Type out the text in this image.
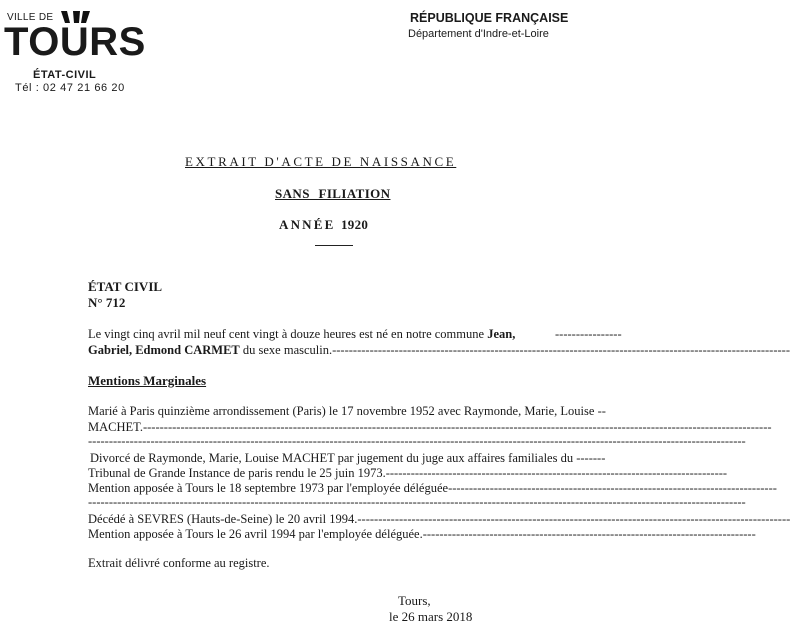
VILLE DE
TOURS
ÉTAT-CIVIL
Tél : 02 47 21 66 20
RÉPUBLIQUE FRANÇAISE
Département d'Indre-et-Loire
EXTRAIT D'ACTE DE NAISSANCE
SANS FILIATION
ANNÉE 1920
ÉTAT CIVIL
N° 712
Le vingt cinq avril mil neuf cent vingt à douze heures est né en notre commune Jean,	----------------
Gabriel, Edmond CARMET du sexe masculin.--------------------------------------------------------------------------------------------------------------
Mentions Marginales
Marié à Paris quinzième arrondissement (Paris) le 17 novembre 1952 avec Raymonde, Marie, Louise --
MACHET.-------------------------------------------------------------------------------------------------------------------------------------------------------
--------------------------------------------------------------------------------------------------------------------------------------------------------------
Divorcé de Raymonde, Marie, Louise MACHET par jugement du juge aux affaires familiales du -------
Tribunal de Grande Instance de paris rendu le 25 juin 1973.----------------------------------------------------------------------------------
Mention apposée à Tours le 18 septembre 1973 par l'employée déléguée-------------------------------------------------------------------------------
--------------------------------------------------------------------------------------------------------------------------------------------------------------
Décédé à SEVRES (Hauts-de-Seine) le 20 avril 1994.--------------------------------------------------------------------------------------------------------
Mention apposée à Tours le 26 avril 1994 par l'employée déléguée.--------------------------------------------------------------------------------
Extrait délivré conforme au registre.
Tours,
le 26 mars 2018
